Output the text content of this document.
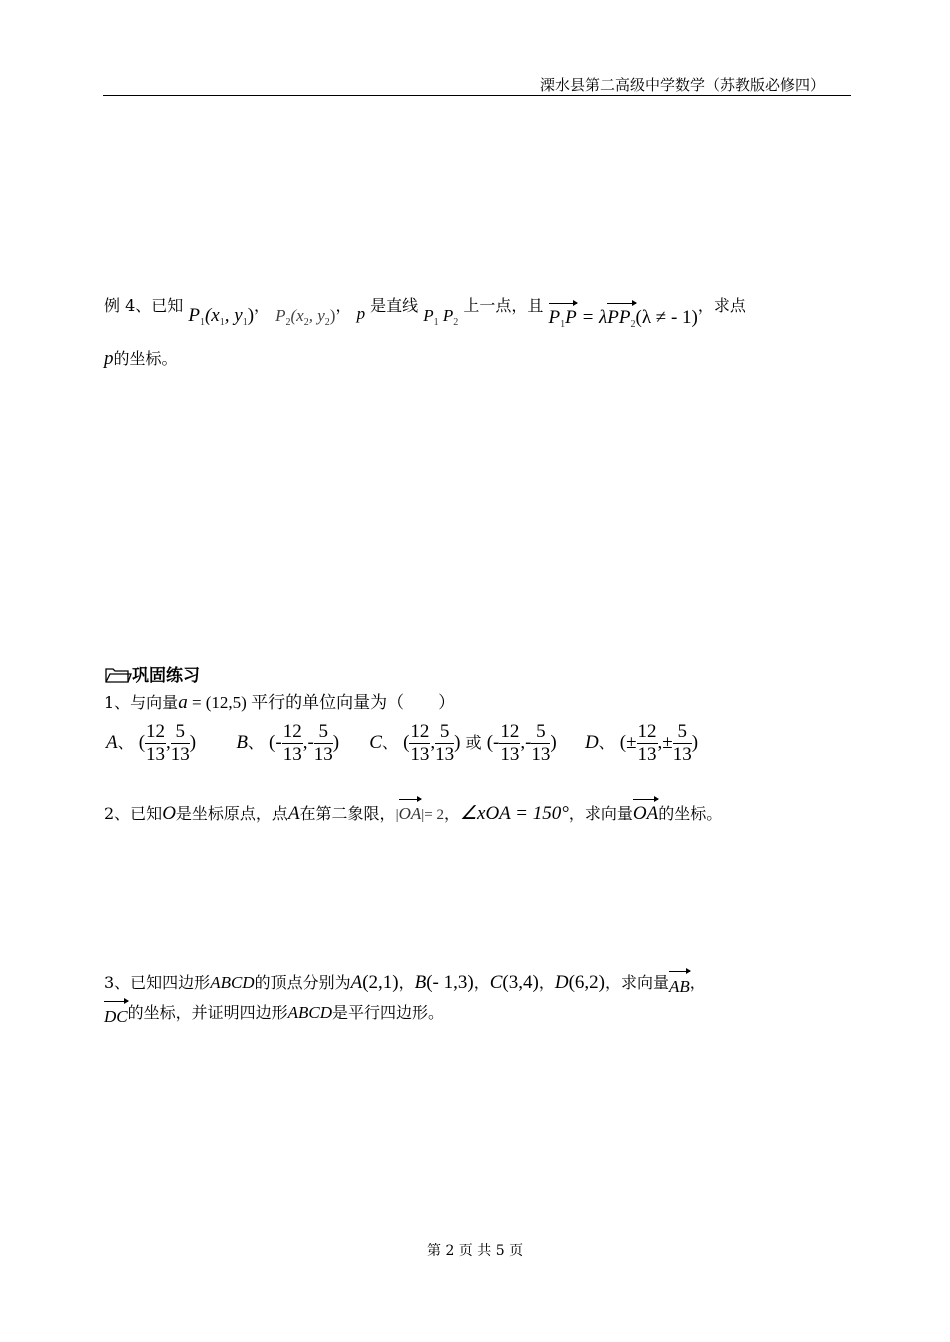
溧水县第二高级中学数学（苏教版必修四）
例 4、已知 $P_1(x_1$, $y_1$)， $P_2(x_2$, $y_2$)， p 是直线 $P_1$ $P_2$ 上一点，且 $P_1P = \lambda PP_2(\lambda$ ≠ - 1)，求点
p的坐标。
巩固练习
1、与向量a = (12,5) 平行的单位向量为（　　）
A、 ( $\frac{12}{13}$ , $\frac{5}{13}$ ) B、 (- $\frac{12}{13}$ ,- $\frac{5}{13}$ ) C、 ( $\frac{12}{13}$ , $\frac{5}{13}$ ) 或 (- $\frac{12}{13}$ ,- $\frac{5}{13}$ ) D、 (± $\frac{12}{13}$ ,± $\frac{5}{13}$ )
2、已知O是坐标原点，点A在第二象限，|OA|= 2，∠xOA = 150°，求向量OA的坐标。
3、已知四边形ABCD的顶点分别为A(2,1)，B(- 1,3)，C(3,4)，D(6,2)，求向量AB，
DC的坐标，并证明四边形ABCD是平行四边形。
第 2 页 共 5 页
